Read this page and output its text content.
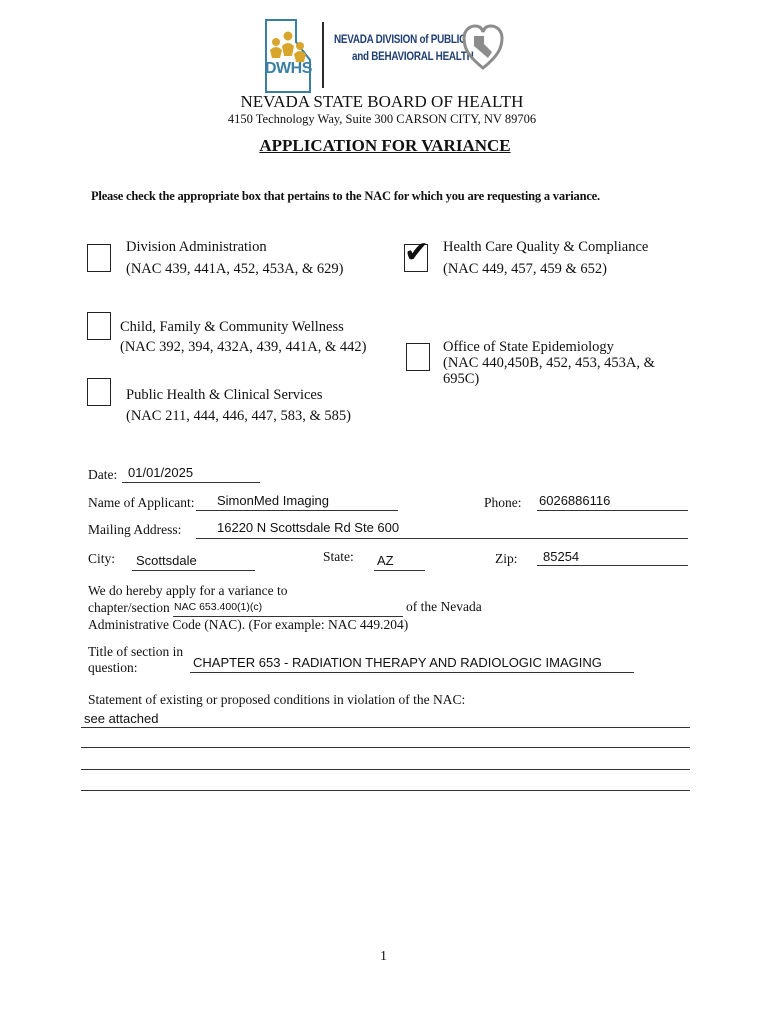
DWHS
NEVADA DIVISION of PUBLIC
and BEHAVIORAL HEALTH
NEVADA STATE BOARD OF HEALTH
4150 Technology Way, Suite 300 CARSON CITY, NV 89706
APPLICATION FOR VARIANCE
Please check the appropriate box that pertains to the NAC for which you are requesting a variance.
Division Administration
(NAC 439, 441A, 452, 453A, & 629) ✔ Health Care Quality & Compliance
(NAC 449, 457, 459 & 652)
Child, Family & Community Wellness
(NAC 392, 394, 432A, 439, 441A, & 442)	Office of State Epidemiology
(NAC 440,450B, 452, 453, 453A, &
695C)
Public Health & Clinical Services
(NAC 211, 444, 446, 447, 583, & 585)
Date: 01/01/2025
Name of Applicant: SimonMed Imaging	Phone: 6026886116
Mailing Address:	16220 N Scottsdale Rd Ste 600
City: Scottsdale	State: AZ	Zip: 85254
We do hereby apply for a variance to
chapter/section NAC 653.400(1)(c)	of the Nevada
Administrative Code (NAC). (For example: NAC 449.204)
Title of section in
question:	CHAPTER 653 - RADIATION THERAPY AND RADIOLOGIC IMAGING
Statement of existing or proposed conditions in violation of the NAC:
see attached
1
